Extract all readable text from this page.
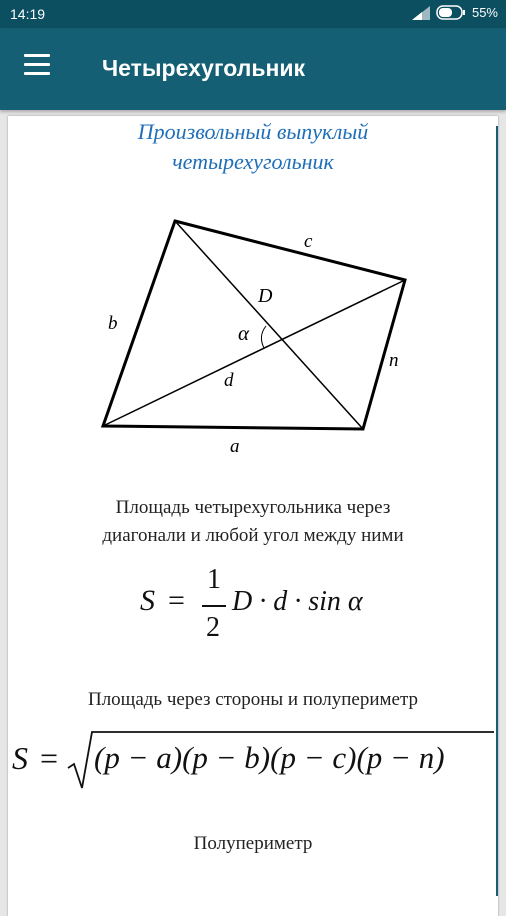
14:19	55%
Четырехугольник
Произвольный выпуклый
четырехугольник
c
b
D
α
n
d
a
Площадь четырехугольника через
диагонали и любой угол между ними
S =
1
2
D · d · sin α
Площадь через стороны и полупериметр
S = (p − a)(p − b)(p − c)(p − n)
Полупериметр
